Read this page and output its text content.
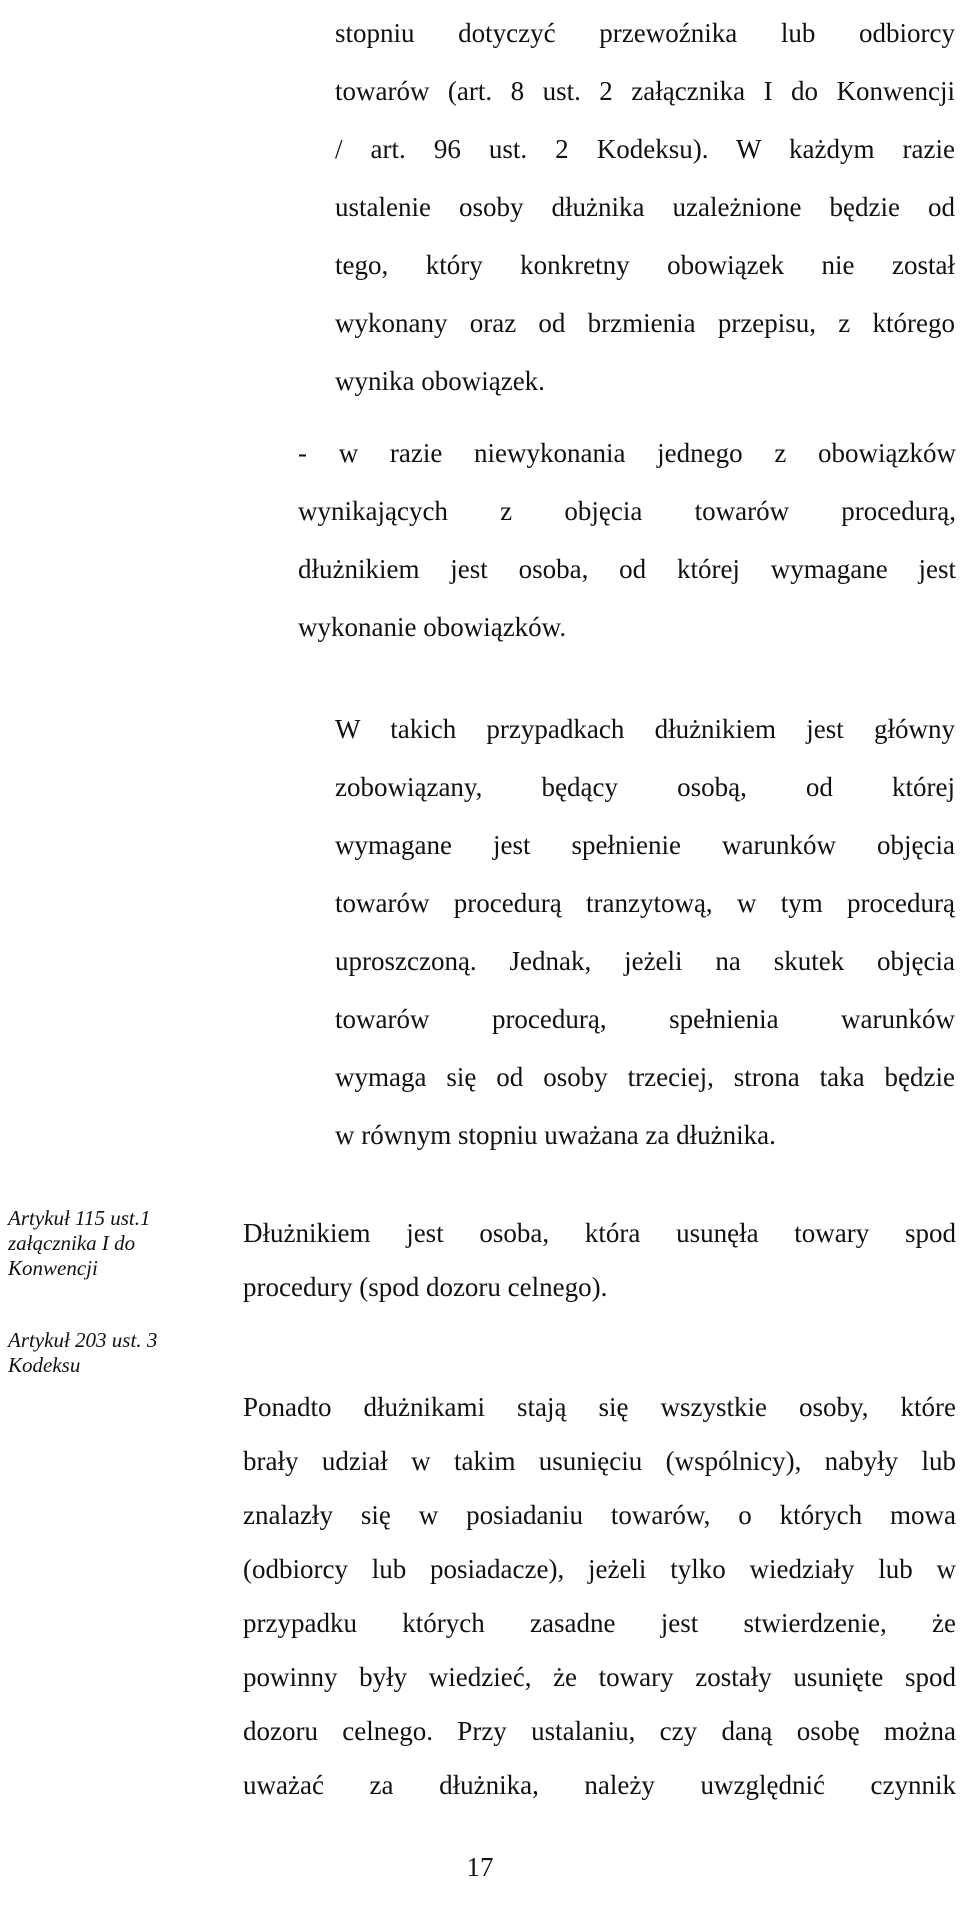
stopniu dotyczyć przewoźnika lub odbiorcy
towarów (art. 8 ust. 2 załącznika I do Konwencji
/ art. 96 ust. 2 Kodeksu). W każdym razie
ustalenie osoby dłużnika uzależnione będzie od
tego, który konkretny obowiązek nie został
wykonany oraz od brzmienia przepisu, z którego
wynika obowiązek.
- w razie niewykonania jednego z obowiązków
wynikających z objęcia towarów procedurą,
dłużnikiem jest osoba, od której wymagane jest
wykonanie obowiązków.
W takich przypadkach dłużnikiem jest główny
zobowiązany, będący osobą, od której
wymagane jest spełnienie warunków objęcia
towarów procedurą tranzytową, w tym procedurą
uproszczoną. Jednak, jeżeli na skutek objęcia
towarów procedurą, spełnienia warunków
wymaga się od osoby trzeciej, strona taka będzie
w równym stopniu uważana za dłużnika.
Artykuł 115 ust.1
załącznika I do
Konwencji
Dłużnikiem jest osoba, która usunęła towary spod
procedury (spod dozoru celnego).
Artykuł 203 ust. 3
Kodeksu
Ponadto dłużnikami stają się wszystkie osoby, które
brały udział w takim usunięciu (wspólnicy), nabyły lub
znalazły się w posiadaniu towarów, o których mowa
(odbiorcy lub posiadacze), jeżeli tylko wiedziały lub w
przypadku których zasadne jest stwierdzenie, że
powinny były wiedzieć, że towary zostały usunięte spod
dozoru celnego. Przy ustalaniu, czy daną osobę można
uważać za dłużnika, należy uwzględnić czynnik
17
